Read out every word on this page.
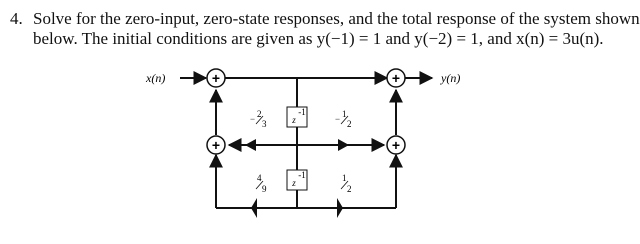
4. Solve for the zero-input, zero-state responses, and the total response of the system shown
below. The initial conditions are given as y(−1) = 1 and y(−2) = 1, and x(n) = 3u(n).
+	+
+	+
z
-1
z
-1
− 2
3	− 1
2
4
9
1
2
x(n)	y(n)
